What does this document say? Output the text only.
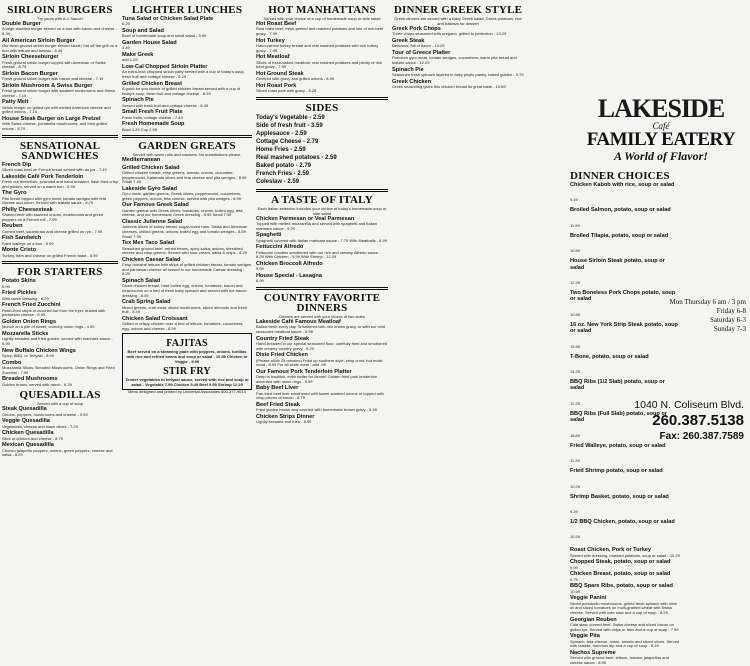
SIRLOIN BURGERS
Try yours with A-1 Sauce!
Double Burger
A large doubled burger served on a bun with bacon and cheese - 8.39
All American Sirloin Burger
Our fresh ground sirloin burger served sizzlin' hot off the grill on a bun with lettuce and tomato - 6.49
Sirloin Cheeseburger
Fresh ground sirloin burger topped with American or Swiss cheese - 6.79
Sirloin Bacon Burger
Fresh ground sirloin burger with bacon and cheese - 7.19
Sirloin Mushroom & Swiss Burger
Fresh ground sirloin burger with sauteed mushrooms and Swiss cheese - 7.19
Patty Melt
Sirloin burger on grilled rye with melted American cheese and grilled onions - 7.19
House Steak Burger on Large Pretzel
With Swiss cheese, portabella mushrooms, and fried grilled onions - 8.79
SENSATIONAL SANDWICHES
French Dip
Sliced roast beef on French bread served with au jus - 7.49
Lakeside Café Pork Tenderloin
Fresh cut tenderloin, pounded and hand breaded, flash fried crisp and golden, served on a warm bun - 6.99
The Gyro
Pita bread topped with gyro meat, tomato wedges with feta cheese and onion. Served with tzatziki sauce - 6.79
Philly Cheesesteak
Shaved beef with sauteed onions, mushrooms and green peppers on a French roll - 7.99
Reuben
Corned beef, sauerkraut and cheese grilled on rye - 7.99
Fish Sandwich
Fried walleye on a bun - 6.99
Monte Cristo
Turkey, ham and cheese on grilled French toast - 8.99
FOR STARTERS
Potato Skins
5.99
Fried Pickles
With ranch dressing - 6.29
French Fried Zucchini
Flash-fried strips of zucchini hot from the fryer, dusted with parmesan cheese - 6.99
Golden Onion Rings
Munch on a pile of sweet, crunchy onion rings - 4.99
Mozzarella Sticks
Lightly breaded and fried golden, served with marinara sauce - 6.99
New Buffalo Chicken Wings
Spicy, BBQ, or Teriyaki - 8.99
Combo
Mozzarella Sticks, Breaded Mushrooms, Onion Rings and Fried Zucchini - 7.99
Breaded Mushrooms
Golden brown, served with ranch - 6.29
QUESADILLAS
Served with a cup of soup
Steak Quesadilla
Onions, peppers, mushrooms and cheese - 9.99
Veggie Quesadilla
Vegetables, cheese and black olives - 7.29
Chicken Quesadilla
Slice of chicken and cheese - 8.79
Mexican Quesadilla
Chorizo jalapeño peppers, onions, green peppers, cheese and salsa - 8.29
LIGHTER LUNCHES
Tuna Salad or Chicken Salad Plate
8.29
Soup and Salad
Bowl of homemade soup and small salad - 5.99
Garden House Salad
3.49
Make Greek
add 1.29
Low-Cal Chopped Sirloin Platter
An extra-lean chopped sirloin patty served with a cup of today's soup, fresh fruit and cottage cheese - 8.29
Grilled Chicken Breast
A good for you choice of grilled chicken breast served with a cup of today's soup, fresh fruit and cottage cheese - 8.29
Spinach Pie
Served with fresh fruit and cottage cheese - 8.49
Small Fresh Fruit Plate
Fresh fruits, cottage cheese - 7.49
Fresh Homemade Soup
Bowl 3.29 Cup 2.59
GARDEN GREATS
Served with warm rolls and crackers. No substitutions please.
Mediterranean
Grilled Chicken Salad
Grilled chicken breast, crisp greens, tomato, onions, cucumber, pepperoncini, Kalamata olives and feta cheese and pita wedges - 8.99 Small 7.49
Lakeside Gyro Salad
Gyro meat, garden greens, Greek olives, pepperoncini, cucumbers, green peppers, onions, feta cheese, served with pita wedges - 8.99
Our Famous Greek Salad
Garden greens with Greek olives, tomatoes, onions, boiled egg, feta cheese, and our homemade Greek dressing - 8.59 Small 7.39
Classic Julienne Salad
Julienne slices of turkey breast, sugar-cured ham, Swiss and American cheeses, chilled greens, onions, boiled egg and tomato wedges - 8.59 Small 7.39
Tex Mex Taco Salad
Seasoned ground beef, refried beans, spicy salsa, onions, shredded cheese and crisp greens. Served with sour cream, salsa & chips - 8.29
Chicken Caesar Salad
Crisp romaine lettuce with strips of grilled chicken breast, tomato wedges and parmesan cheese all tossed in our homemade Caesar dressing - 8.29
Spinach Salad
Diced chicken breast, hard boiled egg, onions, tomatoes, bacon and mushrooms on a bed of fresh baby spinach and served with hot bacon dressing - 8.49
Crab Spring Salad
Mixed greens, crab meat, sliced mushrooms, sliced almonds and fresh fruit - 8.49
Chicken Salad Croissant
Grilled or crispy chicken over a bed of lettuce, tomatoes, cucumbers, egg, onions and cheese - 8.99
FAJITAS
Beef served on a steaming plate with peppers, onions, tortillas with rice and refried beans and soup or salad - 10.59 Chicken or Veggie - 9.99
STIR FRY
Tender vegetables in teriyaki sauce, served with rice and soup or salad - Vegetable 7.99 Chicken 9.49 Beef 9.99 Shrimp 12.29
Menu designed and printed by Universal Associates 800-377-9013
HOT MANHATTANS
Served with your choice of a cup of homemade soup or side salad
Hot Roast Beef
Real roast beef, fresh-peeled and mashed potatoes and lots of rich beef gravy - 7.99
Hot Turkey
Hand-carved turkey breast and real mashed potatoes with rich turkey gravy - 7.99
Hot Meatloaf
Slices of fresh-baked meatloaf, real mashed potatoes and plenty of rich beef gravy - 7.99
Hot Ground Steak
Covered with gravy and grilled onions - 8.99
Hot Roast Pork
Sliced roast pork with gravy - 8.29
SIDES
Today's Vegetable - 2.59
Side of fresh fruit - 3.59
Applesauce - 2.59
Cottage Cheese - 2.79
Home Fries - 2.59
Real mashed potatoes - 2.59
Baked potato - 2.79
French Fries - 2.59
Coleslaw - 2.59
A TASTE OF ITALY
Each Italian selection includes your choice of today's homemade soup or side salad
Chicken Parmesan or Veal Parmesan
Topped with melted mozzarella and served with spaghetti and Italian marinara sauce - 9.29
Spaghetti
Spaghetti covered with Italian marinara sauce - 7.79 With Meatballs - 8.99
Fettuccini Alfredo
Fettuccini noodles smothered with our rich and creamy Alfredo sauce - 8.29 With Chicken - 9.99 With Shrimp - 12.29
Chicken Broccoli Alfredo
9.59
House Special - Lasagna
8.99
COUNTRY FAVORITE DINNERS
Dinners are served with your choice of two sides
Lakeside Café Famous Meatloaf
Baked fresh every day. Smothered with rich brown gravy, or with our mild seasoned meatloaf sauce - 8.99
Country Fried Steak
Hand-breaded in our special seasoned flour, carefully fried and smothered with creamy country gravy - 9.29
Dixie Fried Chicken
(Please allow 25 minutes) Fried up southern style, crisp crust, hot moist meat - 8.99 For all white meat - add .99
Our Famous Pork Tenderloin Platter
Deep in tradition, even better for dinner! Golden fried pork tenderloin accented with onion rings - 9.99
Baby Beef Liver
Pan-fried beef liver smothered with sweet sauteed onions or topped with crisp pieces of bacon - 8.79
Beef Fried Steak
Fried golden brown and covered with homemade brown gravy - 8.99
Chicken Strips Dinner
Lightly breaded and fried - 8.59
DINNER GREEK STYLE
Greek dinners are served with a baby Greek salad, Greek potatoes, rice and baklava for dessert
Greek Pork Chops
Three chops seasoned with oregano, grilled to perfection - 13.29
Greek Steak
Delicious, full of flavor - 14.29
Tour of Greece Platter
Premium gyro meat, tomato wedges, cucumbers, warm pita bread and tzatziki sauce - 12.29
Spinach Pie
Seasoned fresh spinach layered in flaky phyllo pastry, baked golden - 9.79
Greek Chicken
Greek seasoning gives this chicken breast its great taste - 10.89
LAKESIDE
Café
FAMILY EATERY
A World of Flavor!
DINNER CHOICES
Chicken Kabob with rice, soup or salad
9.49
Broiled Salmon, potato, soup or salad
11.99
Broiled Tilapia, potato, soup or salad
10.59
House Sirloin Steak potato, soup or salad
12.29
Two Boneless Pork Chops potato, soup or salad
10.99
16 oz. New York Strip Steak potato, soup or salad
15.99
T-Bone, potato, soup or salad
14.29
BBQ Ribs (1/2 Slab) potato, soup or salad
12.29
BBQ Ribs (Full Slab) potato, soup or salad
18.89
Fried Walleye, potato, soup or salad
11.29
Fried Shrimp potato, soup or salad
10.29
Shrimp Basket, potato, soup or salad
9.29
1/2 BBQ Chicken, potato, soup or salad
10.59
Roast Chicken, Pork or Turkey
Served with dressing, mashed potatoes, soup or salad - 10.29
Chopped Steak, potato, soup or salad
9.99
Chicken Breast, potato, soup or salad
9.79
BBQ Spare Ribs, potato, soup or salad
10.59
Veggie Panini
Sliced portobello mushrooms, grilled fresh spinach with olive oil and sliced tomatoes on multi-grained wheat with Swiss cheese. Served with cole slaw and a cup of soup - 8.29
Georgian Reuben
Cole slaw, corned beef, Swiss cheese and sliced bacon on grilled rye. Served with chips or fries and a cup of soup - 7.99
Veggie Pita
Spinach, feta cheese, onion, tomato and sliced olives. Served with tzatziki, hummus dip and a cup of soup - 8.29
Nachos Supreme
Served with ground beef, lettuce, tomato, jalapeños and cheese sauce - 8.99
Mon Thursday 6 am / 3 pm
Friday 6-8
Saturday 6-3
Sunday 7-3
1040 N. Coliseum Blvd.
260.387.5138
Fax: 260.387.7589
